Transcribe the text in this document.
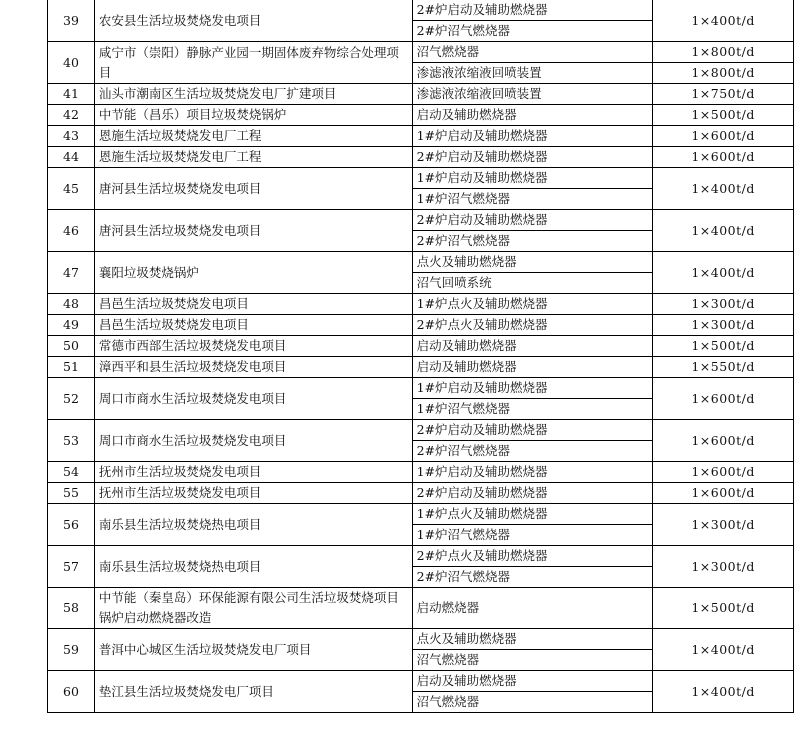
39	农安县生活垃圾焚烧发电项目	2#炉启动及辅助燃烧器	1×400t/d
		2#炉沼气燃烧器	
40	咸宁市（崇阳）静脉产业园一期固体废弃物综合处理项目	沼气燃烧器	1×800t/d
		渗滤液浓缩液回喷装置	1×800t/d
41	汕头市潮南区生活垃圾焚烧发电厂扩建项目	渗滤液浓缩液回喷装置	1×750t/d
42	中节能（昌乐）项目垃圾焚烧锅炉	启动及辅助燃烧器	1×500t/d
43	恩施生活垃圾焚烧发电厂工程	1#炉启动及辅助燃烧器	1×600t/d
44	恩施生活垃圾焚烧发电厂工程	2#炉启动及辅助燃烧器	1×600t/d
45	唐河县生活垃圾焚烧发电项目	1#炉启动及辅助燃烧器	1×400t/d
		1#炉沼气燃烧器	
46	唐河县生活垃圾焚烧发电项目	2#炉启动及辅助燃烧器	1×400t/d
		2#炉沼气燃烧器	
47	襄阳垃圾焚烧锅炉	点火及辅助燃烧器	1×400t/d
		沼气回喷系统	
48	昌邑生活垃圾焚烧发电项目	1#炉点火及辅助燃烧器	1×300t/d
49	昌邑生活垃圾焚烧发电项目	2#炉点火及辅助燃烧器	1×300t/d
50	常德市西部生活垃圾焚烧发电项目	启动及辅助燃烧器	1×500t/d
51	漳西平和县生活垃圾焚烧发电项目	启动及辅助燃烧器	1×550t/d
52	周口市商水生活垃圾焚烧发电项目	1#炉启动及辅助燃烧器	1×600t/d
		1#炉沼气燃烧器	
53	周口市商水生活垃圾焚烧发电项目	2#炉启动及辅助燃烧器	1×600t/d
		2#炉沼气燃烧器	
54	抚州市生活垃圾焚烧发电项目	1#炉启动及辅助燃烧器	1×600t/d
55	抚州市生活垃圾焚烧发电项目	2#炉启动及辅助燃烧器	1×600t/d
56	南乐县生活垃圾焚烧热电项目	1#炉点火及辅助燃烧器	1×300t/d
		1#炉沼气燃烧器	
57	南乐县生活垃圾焚烧热电项目	2#炉点火及辅助燃烧器	1×300t/d
		2#炉沼气燃烧器	
58	中节能（秦皇岛）环保能源有限公司生活垃圾焚烧项目锅炉启动燃烧器改造	启动燃烧器	1×500t/d
59	普洱中心城区生活垃圾焚烧发电厂项目	点火及辅助燃烧器	1×400t/d
		沼气燃烧器	
60	垫江县生活垃圾焚烧发电厂项目	启动及辅助燃烧器	1×400t/d
		沼气燃烧器	
